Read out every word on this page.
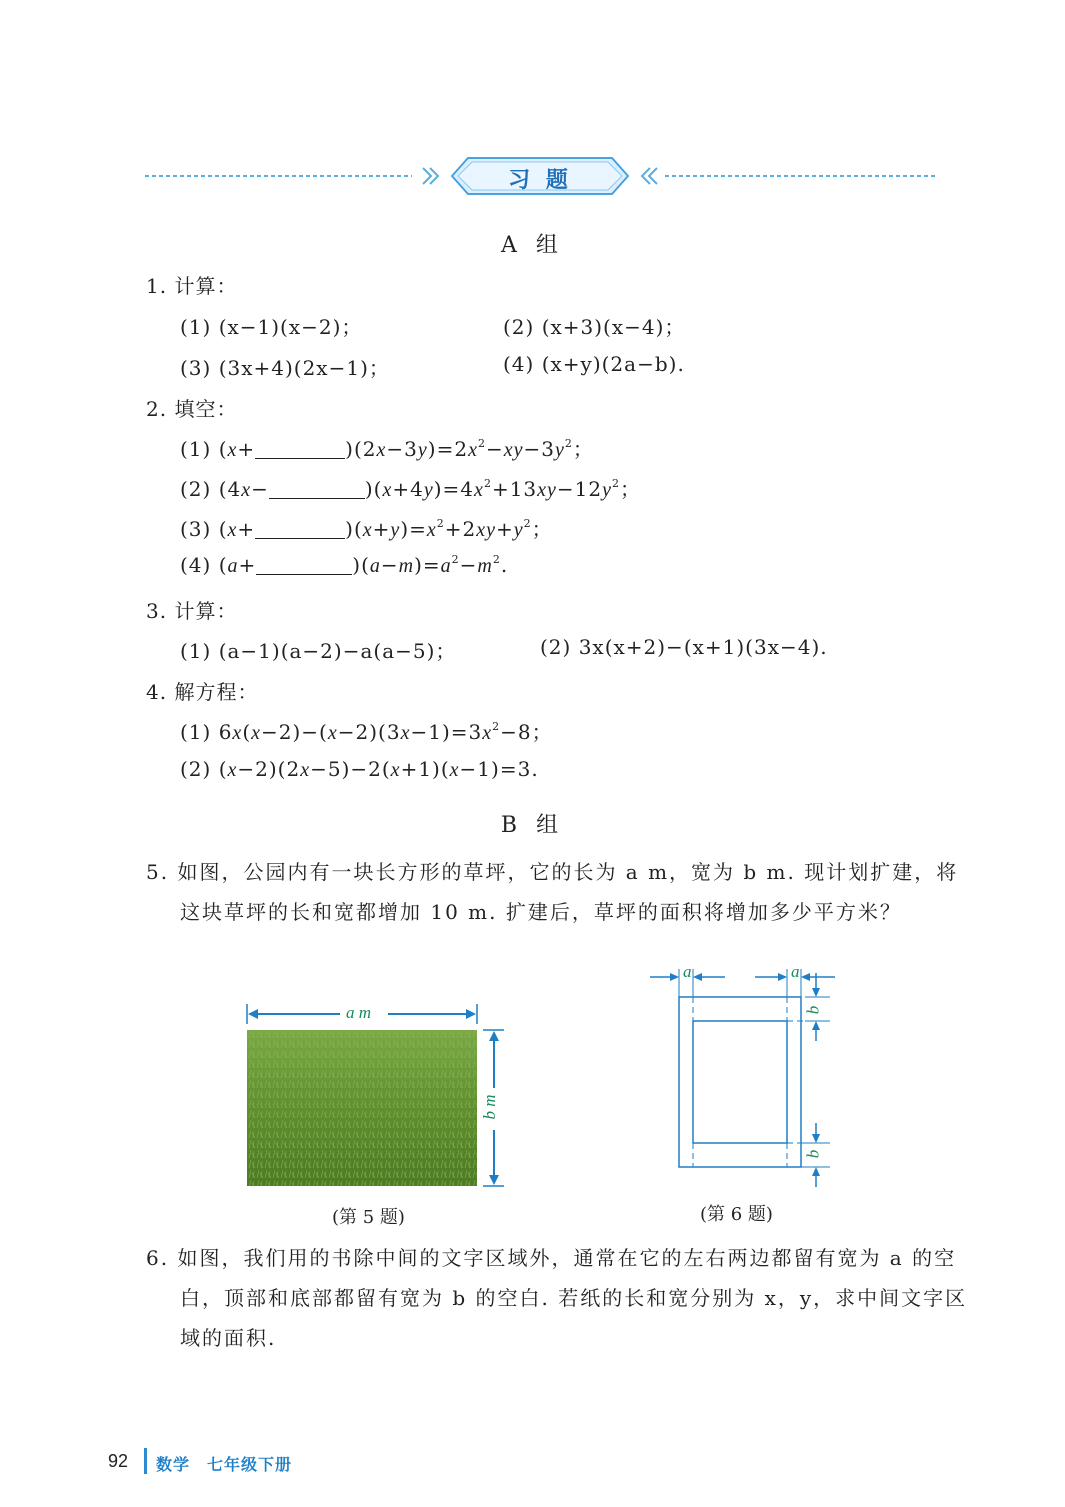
习 题
A 组
1. 计算：
(1) (x−1)(x−2)；	(2) (x+3)(x−4)；
(3) (3x+4)(2x−1)；	(4) (x+y)(2a−b).
2. 填空：
(1) (x+	)$(2x-3y)=2x^2-xy-3y^2$；
(2) (4x−	)$(x+4y)=4x^2+13xy-12y^2$；
(3) (x+	)$(x+y)=x^2+2xy+y^2$；
(4) (a+	)$(a-m)=a^2-m^2$.
3. 计算：
(1) (a−1)(a−2)−a(a−5)；	(2) 3x(x+2)−(x+1)(3x−4).
4. 解方程：
(1) $6x(x-2)-(x-2)(3x-1)=3x^2-8$；
(2) (x−2)(2x−5)−2(x+1)(x−1)=3.
B 组
5. 如图，公园内有一块长方形的草坪，它的长为 a m，宽为 b m. 现计划扩建，将这块草坪的长和宽都增加 10 m. 扩建后，草坪的面积将增加多少平方米？
a m
b m
(第 5 题)
a	a
b
b
(第 6 题)
6. 如图，我们用的书除中间的文字区域外，通常在它的左右两边都留有宽为 a 的空白，顶部和底部都留有宽为 b 的空白. 若纸的长和宽分别为 x，y，求中间文字区域的面积.
92 数学　七年级下册
